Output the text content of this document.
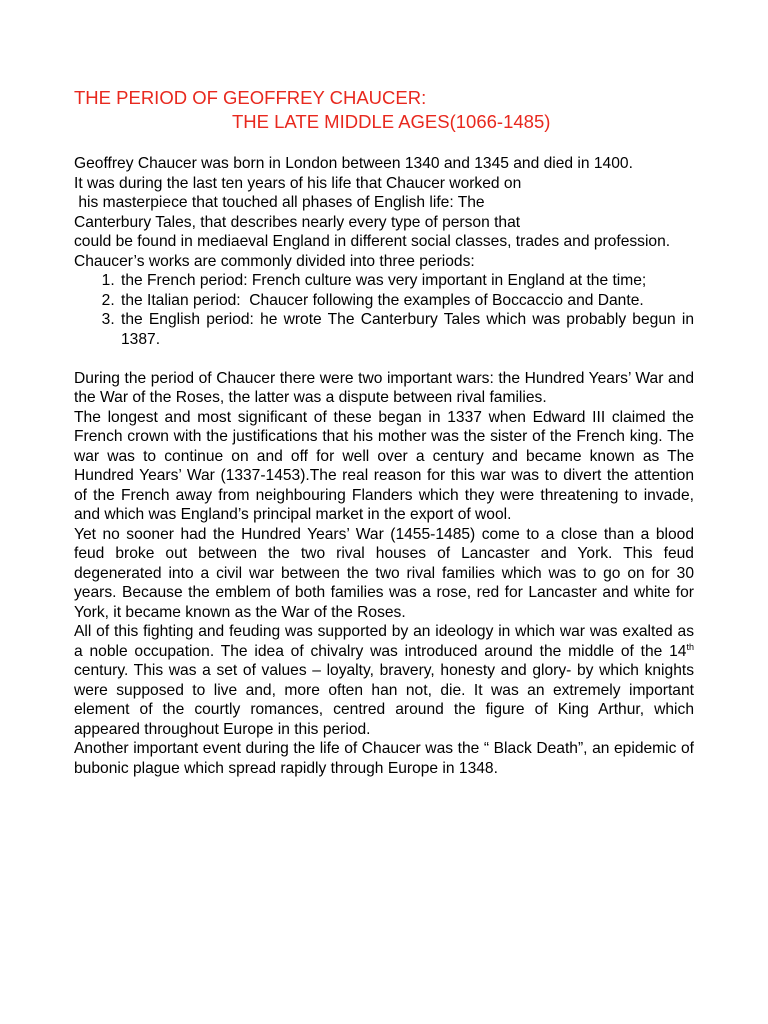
THE PERIOD OF GEOFFREY CHAUCER:
THE LATE MIDDLE AGES(1066-1485)

Geoffrey Chaucer was born in London between 1340 and 1345 and died in 1400.

It was during the last ten years of his life that Chaucer worked on

his masterpiece that touched all phases of English life: The

Canterbury Tales, that describes nearly every type of person that

could be found in mediaeval England in different social classes, trades and profession.

Chaucer’s works are commonly divided into three periods:

1. the French period: French culture was very important in England at the time;
2. the Italian period:  Chaucer following the examples of Boccaccio and Dante.
3. the English period: he wrote The Canterbury Tales which was probably begun in 1387.

During the period of Chaucer there were two important wars: the Hundred Years’ War and the War of the Roses, the latter was a dispute between rival families.

The longest and most significant of these began in 1337 when Edward III claimed the French crown with the justifications that his mother was the sister of the French king. The war was to continue on and off for well over a century and became known as The Hundred Years’ War (1337-1453).The real reason for this war was to divert the attention of the French away from neighbouring Flanders which they were threatening to invade, and which was England’s principal market in the export of wool.

Yet no sooner had the Hundred Years’ War (1455-1485) come to a close than a blood feud broke out between the two rival houses of Lancaster and York. This feud degenerated into a civil war between the two rival families which was to go on for 30 years. Because the emblem of both families was a rose, red for Lancaster and white for York, it became known as the War of the Roses.

All of this fighting and feuding was supported by an ideology in which war was exalted as a noble occupation. The idea of chivalry was introduced around the middle of the 14th century. This was a set of values – loyalty, bravery, honesty and glory- by which knights were supposed to live and, more often han not, die. It was an extremely important element of the courtly romances, centred around the figure of King Arthur, which appeared throughout Europe in this period.

Another important event during the life of Chaucer was the “ Black Death”, an epidemic of bubonic plague which spread rapidly through Europe in 1348.
